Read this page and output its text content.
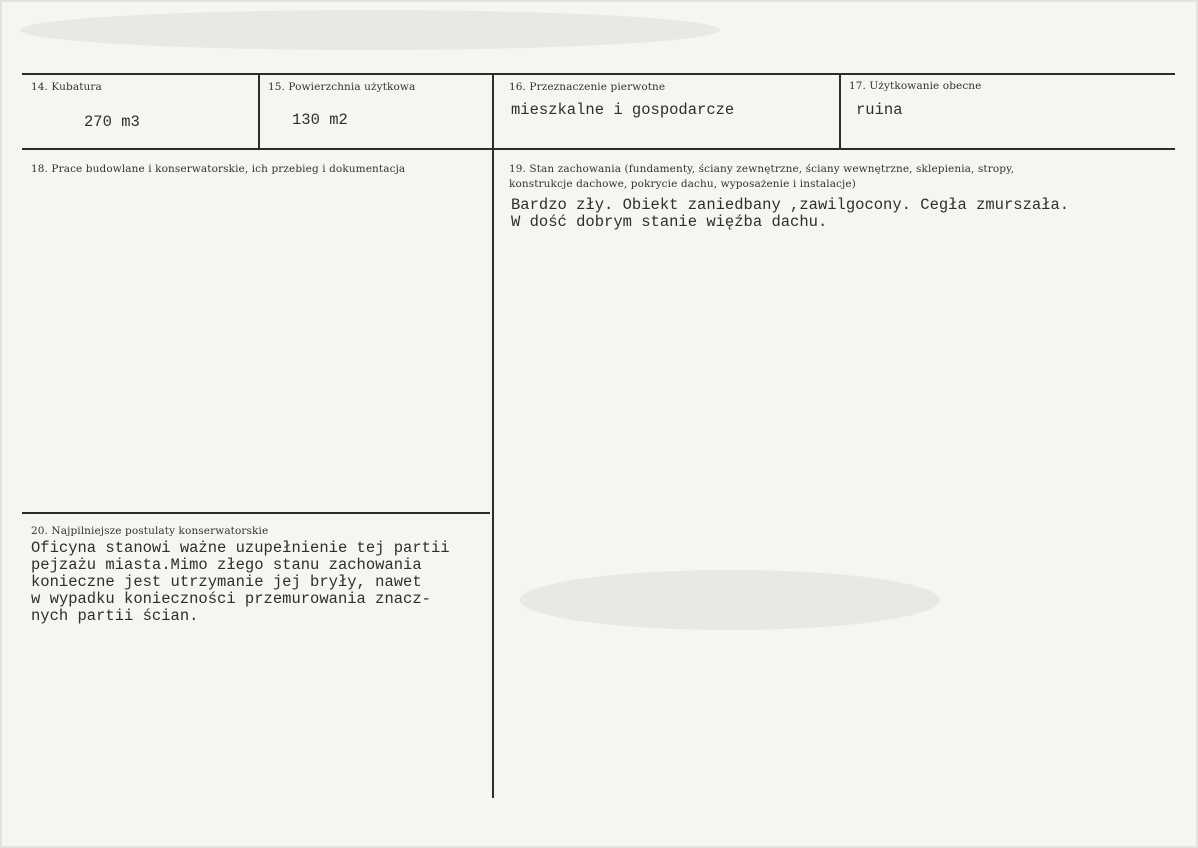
14. Kubatura
270 m3
15. Powierzchnia użytkowa
130 m2
16. Przeznaczenie pierwotne
mieszkalne i gospodarcze
17. Użytkowanie obecne
ruina
18. Prace budowlane i konserwatorskie, ich przebieg i dokumentacja	19. Stan zachowania (fundamenty, ściany zewnętrzne, ściany wewnętrzne, sklepienia, stropy,
konstrukcje dachowe, pokrycie dachu, wyposażenie i instalacje)
Bardzo zły. Obiekt zaniedbany ,zawilgocony. Cegła zmurszała.
W dość dobrym stanie więźba dachu.
20. Najpilniejsze postulaty konserwatorskie
Oficyna stanowi ważne uzupełnienie tej partii
pejzażu miasta.Mimo złego stanu zachowania
konieczne jest utrzymanie jej bryły, nawet
w wypadku konieczności przemurowania znacz-
nych partii ścian.
